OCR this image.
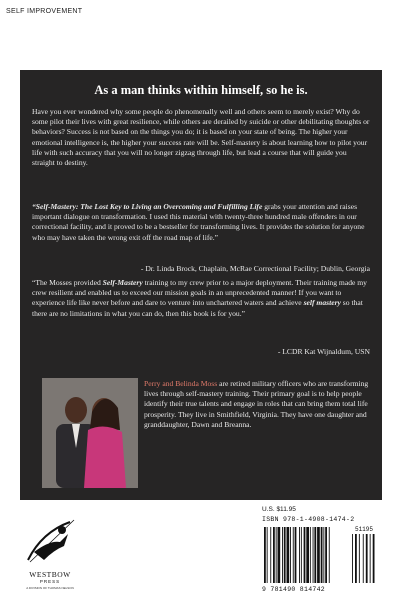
SELF IMPROVEMENT
As a man thinks within himself, so he is.

Have you ever wondered why some people do phenomenally well and others seem to merely exist? Why do some pilot their lives with great resilience, while others are derailed by suicide or other debilitating thoughts or behaviors? Success is not based on the things you do; it is based on your state of being. The higher your emotional intelligence is, the higher your success rate will be. Self-mastery is about learning how to pilot your life with such accuracy that you will no longer zigzag through life, but lead a course that will guide you straight to destiny.

“Self-Mastery: The Lost Key to Living an Overcoming and Fulfilling Life grabs your attention and raises important dialogue on transformation. I used this material with twenty-three hundred male offenders in our correctional facility, and it proved to be a bestseller for transforming lives. It provides the solution for anyone who may have taken the wrong exit off the road map of life.”

- Dr. Linda Brock, Chaplain, McRae Correctional Facility; Dublin, Georgia

“The Mosses provided Self-Mastery training to my crew prior to a major deployment. Their training made my crew resilient and enabled us to exceed our mission goals in an unprecedented manner! If you want to experience life like never before and dare to venture into unchartered waters and achieve self mastery so that there are no limitations in what you can do, then this book is for you.”

- LCDR Kat Wijnaldum, USN

Perry and Belinda Moss are retired military officers who are transforming lives through self-mastery training. Their primary goal is to help people identify their true talents and engage in roles that can bring them total life prosperity. They live in Smithfield, Virginia. They have one daughter and granddaughter, Dawn and Breanna.

WESTBOW
PRESS
A DIVISION OF THOMAS NELSON
U.S. $11.95
ISBN 978-1-4908-1474-2
51195
9 781490 814742
